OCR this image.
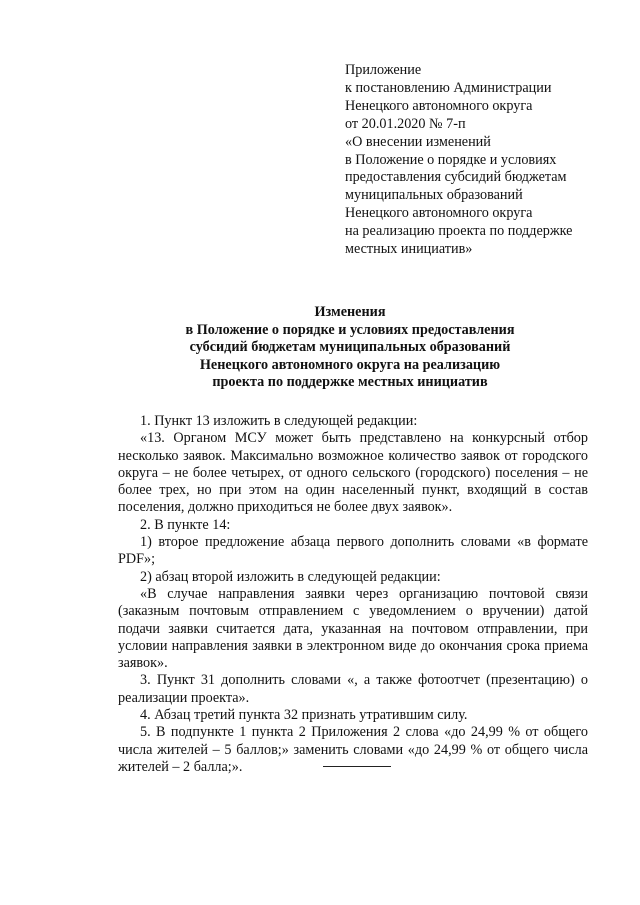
Приложение
к постановлению Администрации
Ненецкого автономного округа
от 20.01.2020 № 7-п
«О внесении изменений
в Положение о порядке и условиях
предоставления субсидий бюджетам
муниципальных образований
Ненецкого автономного округа
на реализацию проекта по поддержке
местных инициатив»
Изменения
в Положение о порядке и условиях предоставления
субсидий бюджетам муниципальных образований
Ненецкого автономного округа на реализацию
проекта по поддержке местных инициатив

1. Пункт 13 изложить в следующей редакции:

«13. Органом МСУ может быть представлено на конкурсный отбор несколько заявок. Максимально возможное количество заявок от городского округа – не более четырех, от одного сельского (городского) поселения – не более трех, но при этом на один населенный пункт, входящий в состав поселения, должно приходиться не более двух заявок».

2. В пункте 14:

1) второе предложение абзаца первого дополнить словами «в формате PDF»;

2) абзац второй изложить в следующей редакции:

«В случае направления заявки через организацию почтовой связи (заказным почтовым отправлением с уведомлением о вручении) датой подачи заявки считается дата, указанная на почтовом отправлении, при условии направления заявки в электронном виде до окончания срока приема заявок».

3. Пункт 31 дополнить словами «, а также фотоотчет (презентацию) о реализации проекта».

4. Абзац третий пункта 32 признать утратившим силу.

5. В подпункте 1 пункта 2 Приложения 2 слова «до 24,99 % от общего числа жителей – 5 баллов;» заменить словами «до 24,99 % от общего числа жителей – 2 балла;».
